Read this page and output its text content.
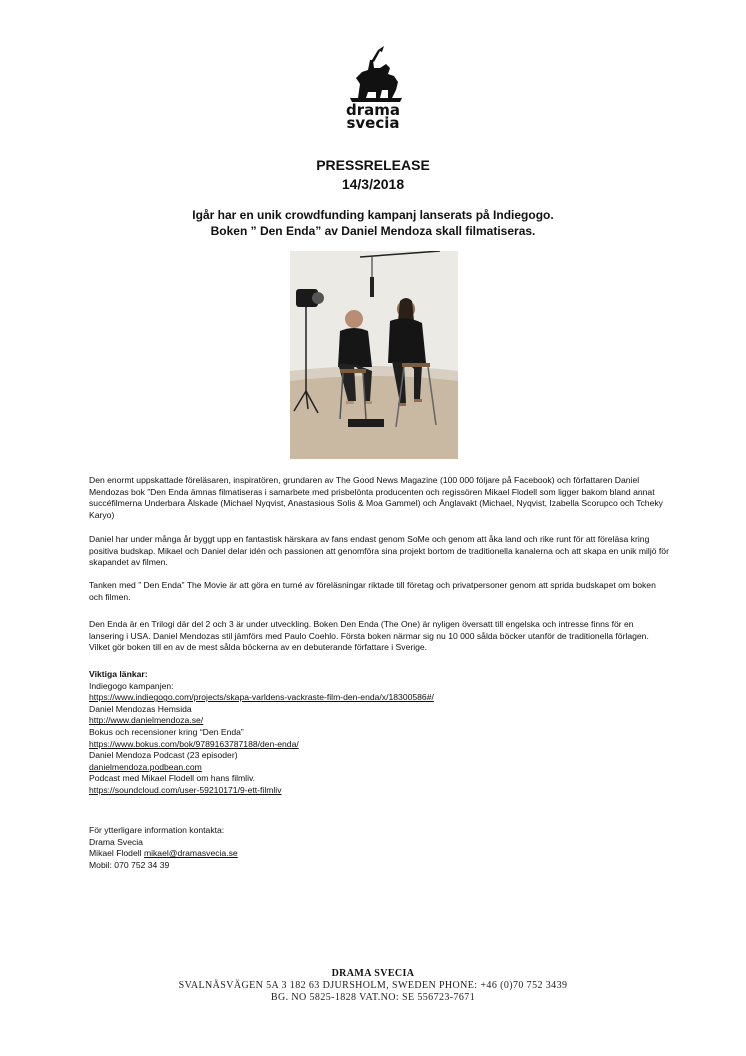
drama
svecia
PRESSRELEASE
14/3/2018
Igår har en unik crowdfunding kampanj lanserats på Indiegogo.
Boken ” Den Enda” av Daniel Mendoza skall filmatiseras.

Den enormt uppskattade föreläsaren, inspiratören, grundaren av The Good News Magazine (100 000 följare på Facebook) och författaren Daniel Mendozas bok ”Den Enda ämnas filmatiseras i samarbete med prisbelönta producenten och regissören Mikael Flodell som ligger bakom bland annat succéfilmerna Underbara Älskade (Michael Nyqvist, Anastasious Solis & Moa Gammel) och Änglavakt (Michael, Nyqvist, Izabella Scorupco och Tcheky Karyo)

Daniel har under många år byggt upp en fantastisk härskara av fans endast genom SoMe och genom att åka land och rike runt för att föreläsa kring positiva budskap. Mikael och Daniel delar idén och passionen att genomföra sina projekt bortom de traditionella kanalerna och att skapa en unik miljö för skapandet av filmen.

Tanken med ” Den Enda” The Movie är att göra en turné av föreläsningar riktade till företag och privatpersoner genom att sprida budskapet om boken och filmen.

Den Enda är en Trilogi där del 2 och 3 är under utveckling. Boken Den Enda (The One) är nyligen översatt till engelska och intresse finns för en lansering i USA. Daniel Mendozas stil jämförs med Paulo Coehlo. Första boken närmar sig nu 10 000 sålda böcker utanför de traditionella förlagen. Vilket gör boken till en av de mest sålda böckerna av en debuterande författare i Sverige.

Viktiga länkar:
Indiegogo kampanjen:
https://www.indiegogo.com/projects/skapa-varldens-vackraste-film-den-enda/x/18300586#/
Daniel Mendozas Hemsida
http://www.danielmendoza.se/
Bokus och recensioner kring “Den Enda”
https://www.bokus.com/bok/9789163787188/den-enda/
Daniel Mendoza Podcast (23 episoder)
danielmendoza.podbean.com
Podcast med Mikael Flodell om hans filmliv.
https://soundcloud.com/user-59210171/9-ett-filmliv
För ytterligare information kontakta:
Drama Svecia
Mikael Flodell mikael@dramasvecia.se
Mobil: 070 752 34 39
DRAMA SVECIA
SVALNÄSVÄGEN 5A 3 182 63 DJURSHOLM, SWEDEN PHONE: +46 (0)70 752 3439
BG. NO 5825-1828 VAT.NO: SE 556723-7671
